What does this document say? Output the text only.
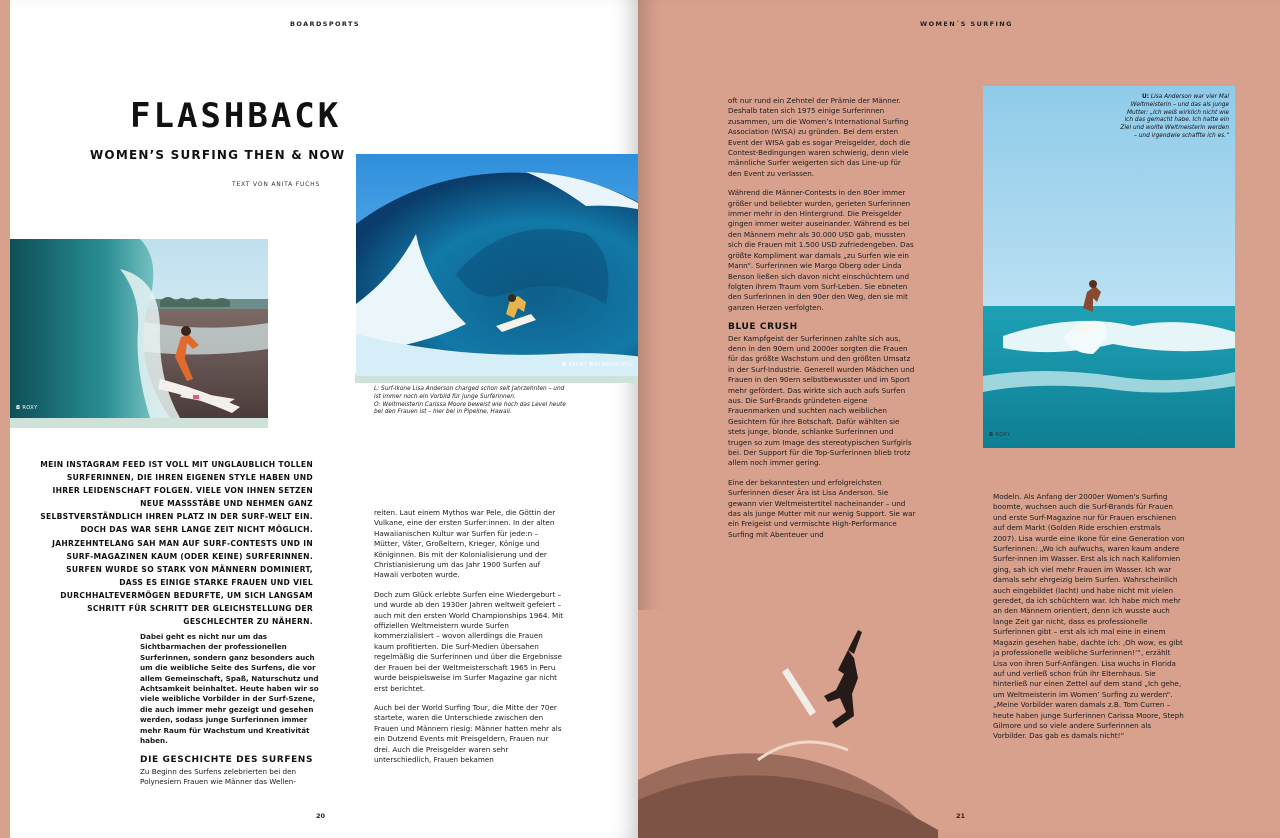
BOARDSPORTS
FLASHBACK
WOMEN’S SURFING THEN & NOW
TEXT VON ANITA FUCHS
◘ ROXY
◘ BRENT BIELMANN/WSL
L: Surf-Ikone Lisa Anderson charged schon seit Jahrzehnten – und ist immer noch ein Vorbild für junge Surferinnen.
O: Weltmeisterin Carissa Moore beweist wie hoch das Level heute bei den Frauen ist – hier bei in Pipeline, Hawaii.
MEIN INSTAGRAM FEED IST VOLL MIT UNGLAUBLICH TOLLEN SURFERINNEN, DIE IHREN EIGENEN STYLE HABEN UND IHRER LEIDENSCHAFT FOLGEN. VIELE VON IHNEN SETZEN NEUE MASSSTÄBE UND NEHMEN GANZ SELBSTVERSTÄNDLICH IHREN PLATZ IN DER SURF-WELT EIN. DOCH DAS WAR SEHR LANGE ZEIT NICHT MÖGLICH. JAHRZEHNTELANG SAH MAN AUF SURF-CONTESTS UND IN SURF-MAGAZINEN KAUM (ODER KEINE) SURFERINNEN. SURFEN WURDE SO STARK VON MÄNNERN DOMINIERT, DASS ES EINIGE STARKE FRAUEN UND VIEL DURCHHALTEVERMÖGEN BEDURFTE, UM SICH LANGSAM SCHRITT FÜR SCHRITT DER GLEICHSTELLUNG DER GESCHLECHTER ZU NÄHERN.

Dabei geht es nicht nur um das Sichtbarmachen der professionellen Surferinnen, sondern ganz besonders auch um die weibliche Seite des Surfens, die vor allem Gemeinschaft, Spaß, Naturschutz und Achtsamkeit beinhaltet. Heute haben wir so viele weibliche Vorbilder in der Surf-Szene, die auch immer mehr gezeigt und gesehen werden, sodass junge Surferinnen immer mehr Raum für Wachstum und Kreativität haben.

DIE GESCHICHTE DES SURFENS

Zu Beginn des Surfens zelebrierten bei den Polynesiern Frauen wie Männer das Wellen-

reiten. Laut einem Mythos war Pele, die Göttin der Vulkane, eine der ersten Surfer:innen. In der alten Hawaiianischen Kultur war Surfen für jede:n – Mütter, Väter, Großeltern, Krieger, Könige und Königinnen. Bis mit der Kolonialisierung und der Christianisierung um das Jahr 1900 Surfen auf Hawaii verboten wurde.

Doch zum Glück erlebte Surfen eine Wiedergeburt – und wurde ab den 1930er Jahren weltweit gefeiert – auch mit den ersten World Championships 1964. Mit offiziellen Weltmeistern wurde Surfen kommerzialisiert – wovon allerdings die Frauen kaum profitierten. Die Surf-Medien übersahen regelmäßig die Surferinnen und über die Ergebnisse der Frauen bei der Weltmeisterschaft 1965 in Peru wurde beispielsweise im Surfer Magazine gar nicht erst berichtet.

Auch bei der World Surfing Tour, die Mitte der 70er startete, waren die Unterschiede zwischen den Frauen und Männern riesig: Männer hatten mehr als ein Dutzend Events mit Preisgeldern, Frauen nur drei. Auch die Preisgelder waren sehr unterschiedlich, Frauen bekamen

20
WOMEN´S SURFING

oft nur rund ein Zehntel der Prämie der Männer. Deshalb taten sich 1975 einige Surferinnen zusammen, um die Women’s International Surfing Association (WISA) zu gründen. Bei dem ersten Event der WISA gab es sogar Preisgelder, doch die Contest-Bedingungen waren schwierig, denn viele männliche Surfer weigerten sich das Line-up für den Event zu verlassen.

Während die Männer-Contests in den 80er immer größer und beliebter wurden, gerieten Surferinnen immer mehr in den Hintergrund. Die Preisgelder gingen immer weiter auseinander. Während es bei den Männern mehr als 30.000 USD gab, mussten sich die Frauen mit 1.500 USD zufriedengeben. Das größte Kompliment war damals „zu Surfen wie ein Mann“. Surferinnen wie Margo Oberg oder Linda Benson ließen sich davon nicht einschüchtern und folgten ihrem Traum vom Surf-Leben. Sie ebneten den Surferinnen in den 90er den Weg, den sie mit ganzen Herzen verfolgten.

BLUE CRUSH

Der Kampfgeist der Surferinnen zahlte sich aus, denn in den 90ern und 2000er sorgten die Frauen für das größte Wachstum und den größten Umsatz in der Surf-Industrie. Generell wurden Mädchen und Frauen in den 90ern selbstbewusster und im Sport mehr gefördert. Das wirkte sich auch aufs Surfen aus. Die Surf-Brands gründeten eigene Frauenmarken und suchten nach weiblichen Gesichtern für ihre Botschaft. Dafür wählten sie stets junge, blonde, schlanke Surferinnen und trugen so zum Image des stereotypischen Surfgirls bei. Der Support für die Top-Surferinnen blieb trotz allem noch immer gering.

Eine der bekanntesten und erfolgreichsten Surferinnen dieser Ära ist Lisa Anderson. Sie gewann vier Weltmeistertitel nacheinander – und das als junge Mutter mit nur wenig Support. Sie war ein Freigeist und vermischte High-Performance Surfing mit Abenteuer und

U: Lisa Anderson war vier Mal Weltmeisterin – und das als junge Mutter: „Ich weiß wirklich nicht wie ich das gemacht habe. Ich hatte ein Ziel und wollte Weltmeisterin werden – und irgendwie schaffte ich es.“
◘ ROXY

Modeln. Als Anfang der 2000er Women's Surfing boomte, wuchsen auch die Surf-Brands für Frauen und erste Surf-Magazine nur für Frauen erschienen auf dem Markt (Golden Ride erschien erstmals 2007). Lisa wurde eine Ikone für eine Generation von Surferinnen: „Wo ich aufwuchs, waren kaum andere Surfer-innen im Wasser. Erst als ich nach Kalifornien ging, sah ich viel mehr Frauen im Wasser. Ich war damals sehr ehrgeizig beim Surfen. Wahrscheinlich auch eingebildet (lacht) und habe nicht mit vielen geredet, da ich schüchtern war. Ich habe mich mehr an den Männern orientiert, denn ich wusste auch lange Zeit gar nicht, dass es professionelle Surferinnen gibt – erst als ich mal eine in einem Magazin gesehen habe, dachte ich: ‚Oh wow, es gibt ja professionelle weibliche Surferinnen!‘“, erzählt Lisa von ihren Surf-Anfängen. Lisa wuchs in Florida auf und verließ schon früh ihr Elternhaus. Sie hinterließ nur einen Zettel auf dem stand „Ich gehe, um Weltmeisterin im Women’ Surfing zu werden“. „Meine Vorbilder waren damals z.B. Tom Curren – heute haben junge Surferinnen Carissa Moore, Steph Gilmore und so viele andere Surferinnen als Vorbilder. Das gab es damals nicht!“

21
